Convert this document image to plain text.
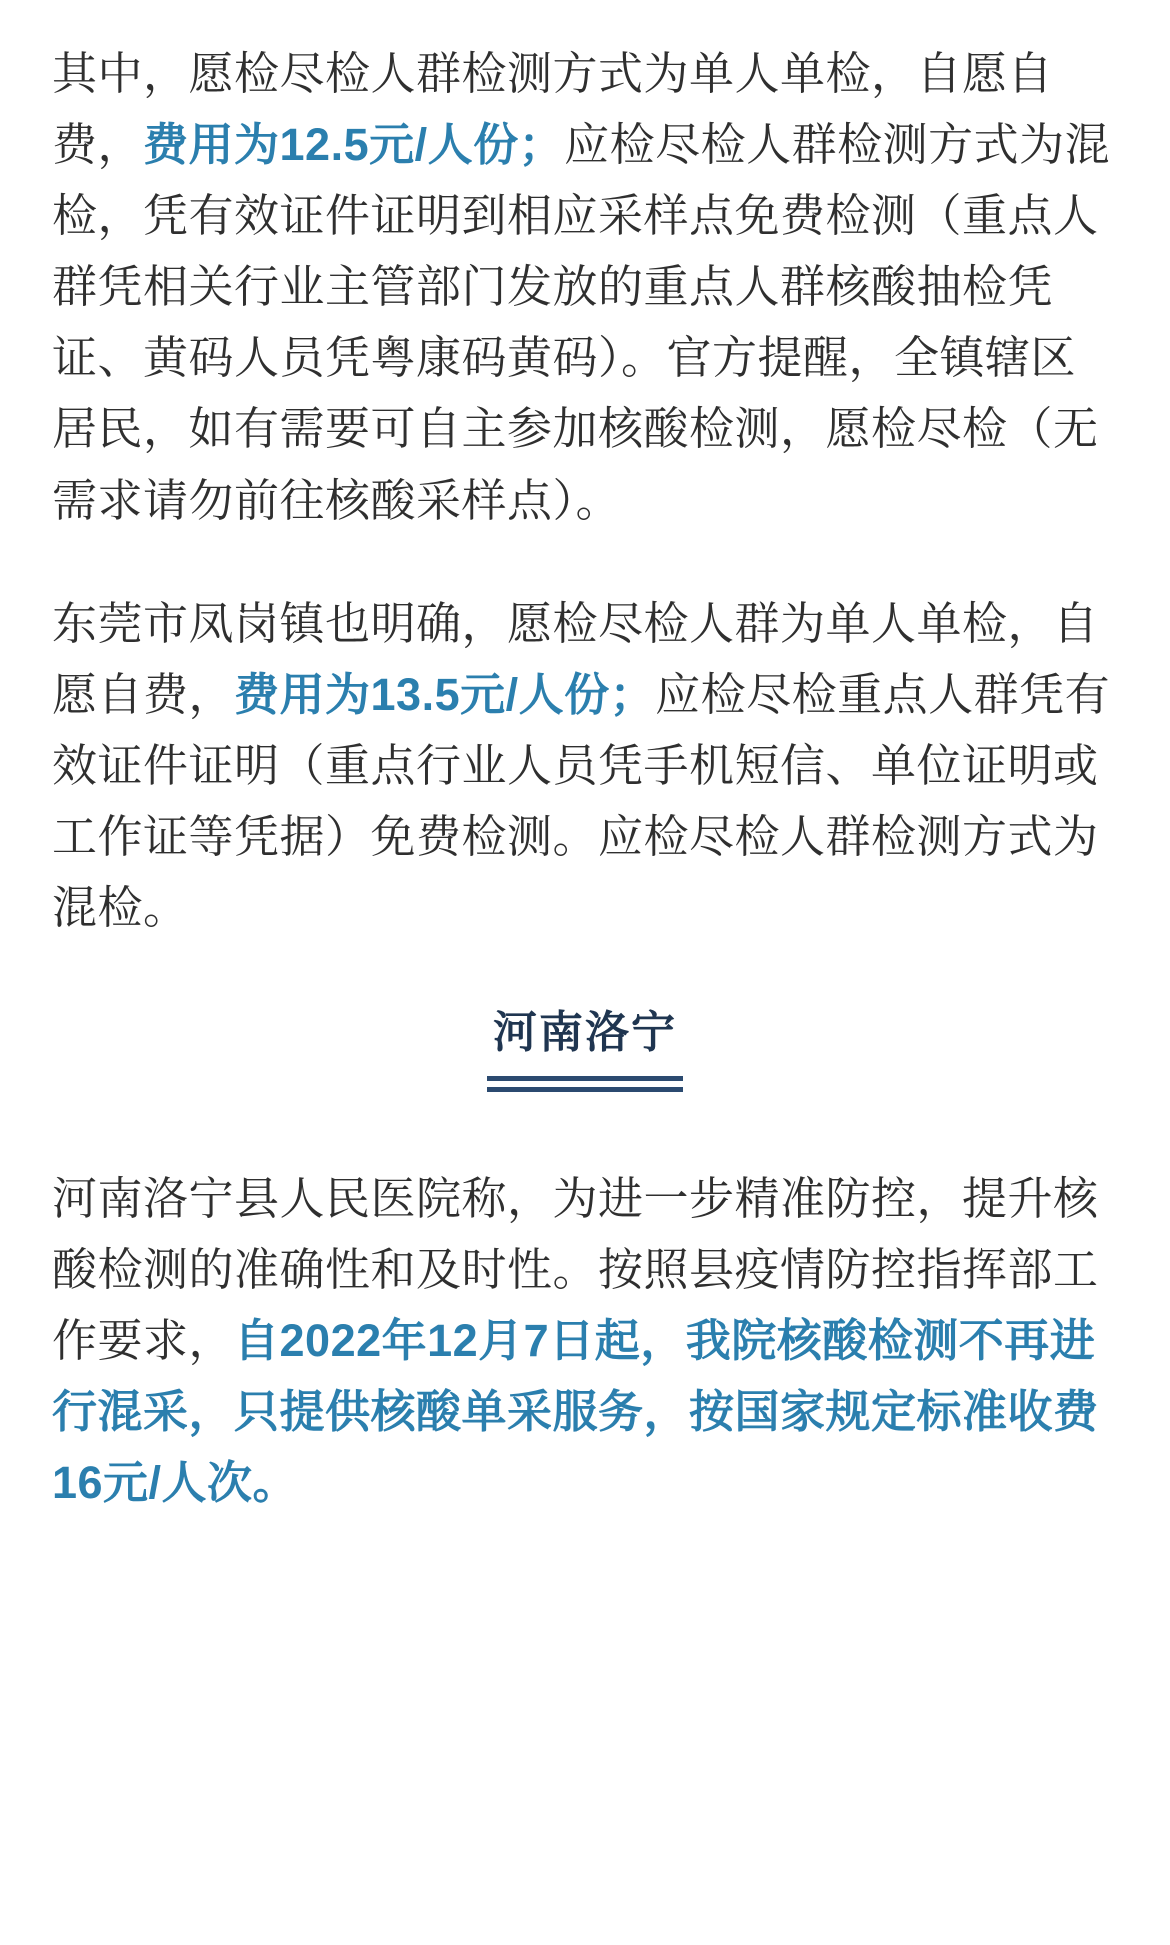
其中，愿检尽检人群检测方式为单人单检，自愿自费，费用为12.5元/人份；应检尽检人群检测方式为混检，凭有效证件证明到相应采样点免费检测（重点人群凭相关行业主管部门发放的重点人群核酸抽检凭证、黄码人员凭粤康码黄码）。官方提醒，全镇辖区居民，如有需要可自主参加核酸检测，愿检尽检（无需求请勿前往核酸采样点）。

东莞市凤岗镇也明确，愿检尽检人群为单人单检，自愿自费，费用为13.5元/人份；应检尽检重点人群凭有效证件证明（重点行业人员凭手机短信、单位证明或工作证等凭据）免费检测。应检尽检人群检测方式为混检。

河南洛宁

河南洛宁县人民医院称，为进一步精准防控，提升核酸检测的准确性和及时性。按照县疫情防控指挥部工作要求，自2022年12月7日起，我院核酸检测不再进行混采，只提供核酸单采服务，按国家规定标准收费16元/人次。
